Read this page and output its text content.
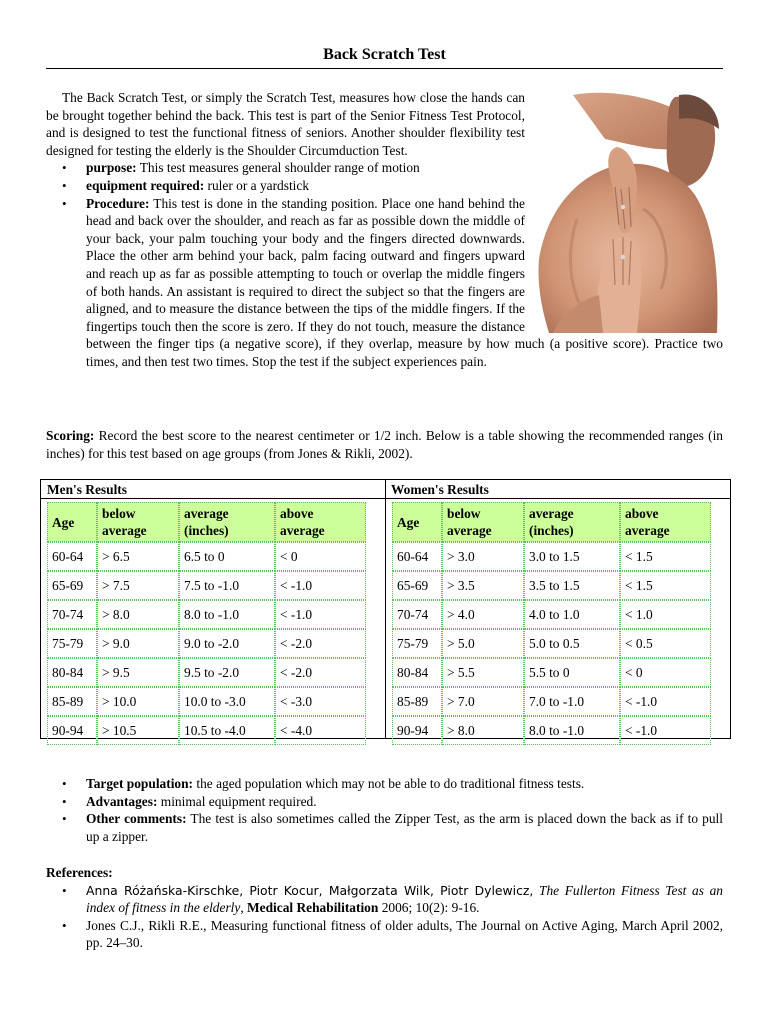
Back Scratch Test

The Back Scratch Test, or simply the Scratch Test, measures how close the hands can be brought together behind the back. This test is part of the Senior Fitness Test Protocol, and is designed to test the functional fitness of seniors. Another shoulder flexibility test designed for testing the elderly is the Shoulder Circumduction Test.

• purpose: This test measures general shoulder range of motion
• equipment required: ruler or a yardstick
• Procedure: This test is done in the standing position. Place one hand behind the head and back over the shoulder, and reach as far as possible down the middle of your back, your palm touching your body and the fingers directed downwards. Place the other arm behind your back, palm facing outward and fingers upward and reach up as far as possible attempting to touch or overlap the middle fingers of both hands. An assistant is required to direct the subject so that the fingers are aligned, and to measure the distance between the tips of the middle fingers. If the fingertips touch then the score is zero. If they do not touch, measure the distance between the finger tips (a negative score), if they overlap, measure by how much (a positive score). Practice two times, and then test two times. Stop the test if the subject experiences pain.
Scoring: Record the best score to the nearest centimeter or 1/2 inch. Below is a table showing the recommended ranges (in inches) for this test based on age groups (from Jones & Rikli, 2002).
Men's Results	Women's Results
Age	below average	average (inches)	above average
60-64	> 6.5	6.5 to 0	< 0
65-69	> 7.5	7.5 to -1.0	< -1.0
70-74	> 8.0	8.0 to -1.0	< -1.0
75-79	> 9.0	9.0 to -2.0	< -2.0
80-84	> 9.5	9.5 to -2.0	< -2.0
85-89	> 10.0	10.0 to -3.0	< -3.0
90-94	> 10.5	10.5 to -4.0	< -4.0
Age	below average	average (inches)	above average
60-64	> 3.0	3.0 to 1.5	< 1.5
65-69	> 3.5	3.5 to 1.5	< 1.5
70-74	> 4.0	4.0 to 1.0	< 1.0
75-79	> 5.0	5.0 to 0.5	< 0.5
80-84	> 5.5	5.5 to 0	< 0
85-89	> 7.0	7.0 to -1.0	< -1.0
90-94	> 8.0	8.0 to -1.0	< -1.0
• Target population: the aged population which may not be able to do traditional fitness tests.
• Advantages: minimal equipment required.
• Other comments: The test is also sometimes called the Zipper Test, as the arm is placed down the back as if to pull up a zipper.
References:
• Anna Różańska-Kirschke, Piotr Kocur, Małgorzata Wilk, Piotr Dylewicz, The Fullerton Fitness Test as an index of fitness in the elderly, Medical Rehabilitation 2006; 10(2): 9-16.
• Jones C.J., Rikli R.E., Measuring functional fitness of older adults, The Journal on Active Aging, March April 2002, pp. 24–30.
